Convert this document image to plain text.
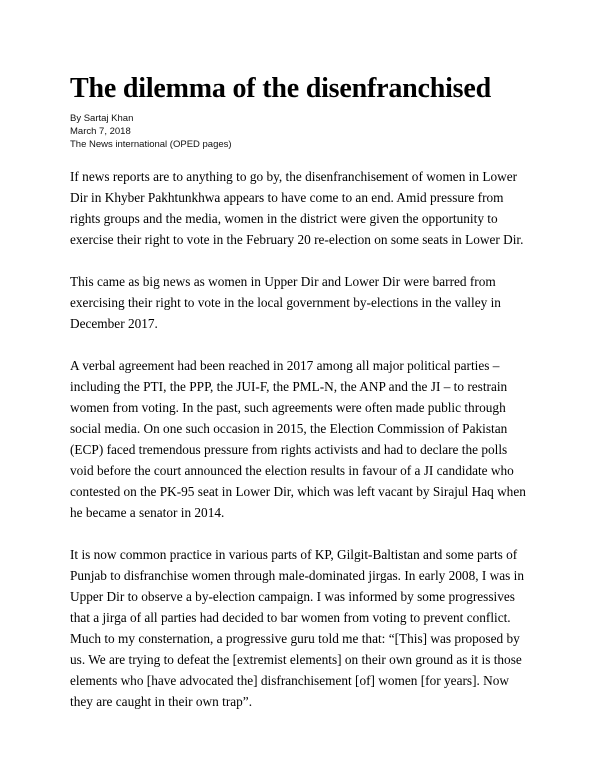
The dilemma of the disenfranchised
By Sartaj Khan
March 7, 2018
The News international (OPED pages)

If news reports are to anything to go by, the disenfranchisement of women in Lower
Dir in Khyber Pakhtunkhwa appears to have come to an end. Amid pressure from
rights groups and the media, women in the district were given the opportunity to
exercise their right to vote in the February 20 re-election on some seats in Lower Dir.

This came as big news as women in Upper Dir and Lower Dir were barred from
exercising their right to vote in the local government by-elections in the valley in
December 2017.

A verbal agreement had been reached in 2017 among all major political parties –
including the PTI, the PPP, the JUI-F, the PML-N, the ANP and the JI – to restrain
women from voting. In the past, such agreements were often made public through
social media. On one such occasion in 2015, the Election Commission of Pakistan
(ECP) faced tremendous pressure from rights activists and had to declare the polls
void before the court announced the election results in favour of a JI candidate who
contested on the PK-95 seat in Lower Dir, which was left vacant by Sirajul Haq when
he became a senator in 2014.

It is now common practice in various parts of KP, Gilgit-Baltistan and some parts of
Punjab to disfranchise women through male-dominated jirgas. In early 2008, I was in
Upper Dir to observe a by-election campaign. I was informed by some progressives
that a jirga of all parties had decided to bar women from voting to prevent conflict.
Much to my consternation, a progressive guru told me that: “[This] was proposed by
us. We are trying to defeat the [extremist elements] on their own ground as it is those
elements who [have advocated the] disfranchisement [of] women [for years]. Now
they are caught in their own trap”.
